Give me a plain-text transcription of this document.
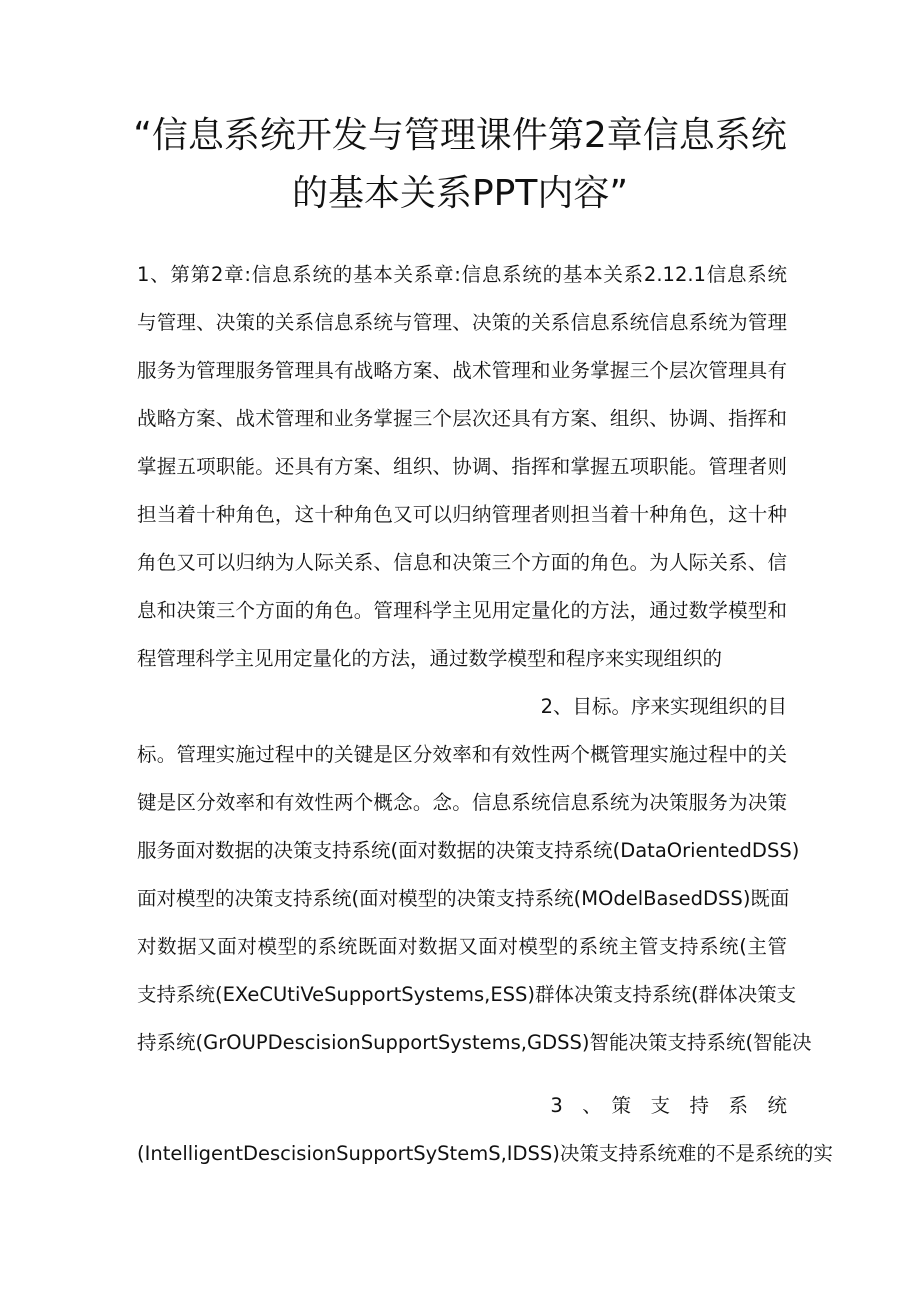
“信息系统开发与管理课件第2章信息系统
的基本关系PPT内容”
1、第第2章:信息系统的基本关系章:信息系统的基本关系2.12.1信息系统
与管理、决策的关系信息系统与管理、决策的关系信息系统信息系统为管理
服务为管理服务管理具有战略方案、战术管理和业务掌握三个层次管理具有
战略方案、战术管理和业务掌握三个层次还具有方案、组织、协调、指挥和
掌握五项职能。还具有方案、组织、协调、指挥和掌握五项职能。管理者则
担当着十种角色，这十种角色又可以归纳管理者则担当着十种角色，这十种
角色又可以归纳为人际关系、信息和决策三个方面的角色。为人际关系、信
息和决策三个方面的角色。管理科学主见用定量化的方法，通过数学模型和
程管理科学主见用定量化的方法，通过数学模型和程序来实现组织的
2、目标。序来实现组织的目
标。管理实施过程中的关键是区分效率和有效性两个概管理实施过程中的关
键是区分效率和有效性两个概念。念。信息系统信息系统为决策服务为决策
服务面对数据的决策支持系统(面对数据的决策支持系统(DataOrientedDSS)
面对模型的决策支持系统(面对模型的决策支持系统(MOdelBasedDSS)既面
对数据又面对模型的系统既面对数据又面对模型的系统主管支持系统(主管
支持系统(EXeCUtiVeSupportSystems,ESS)群体决策支持系统(群体决策支
持系统(GrOUPDescisionSupportSystems,GDSS)智能决策支持系统(智能决
3　、　策　支　持　系　统
(IntelligentDescisionSupportSyStemS,IDSS)决策支持系统难的不是系统的实
